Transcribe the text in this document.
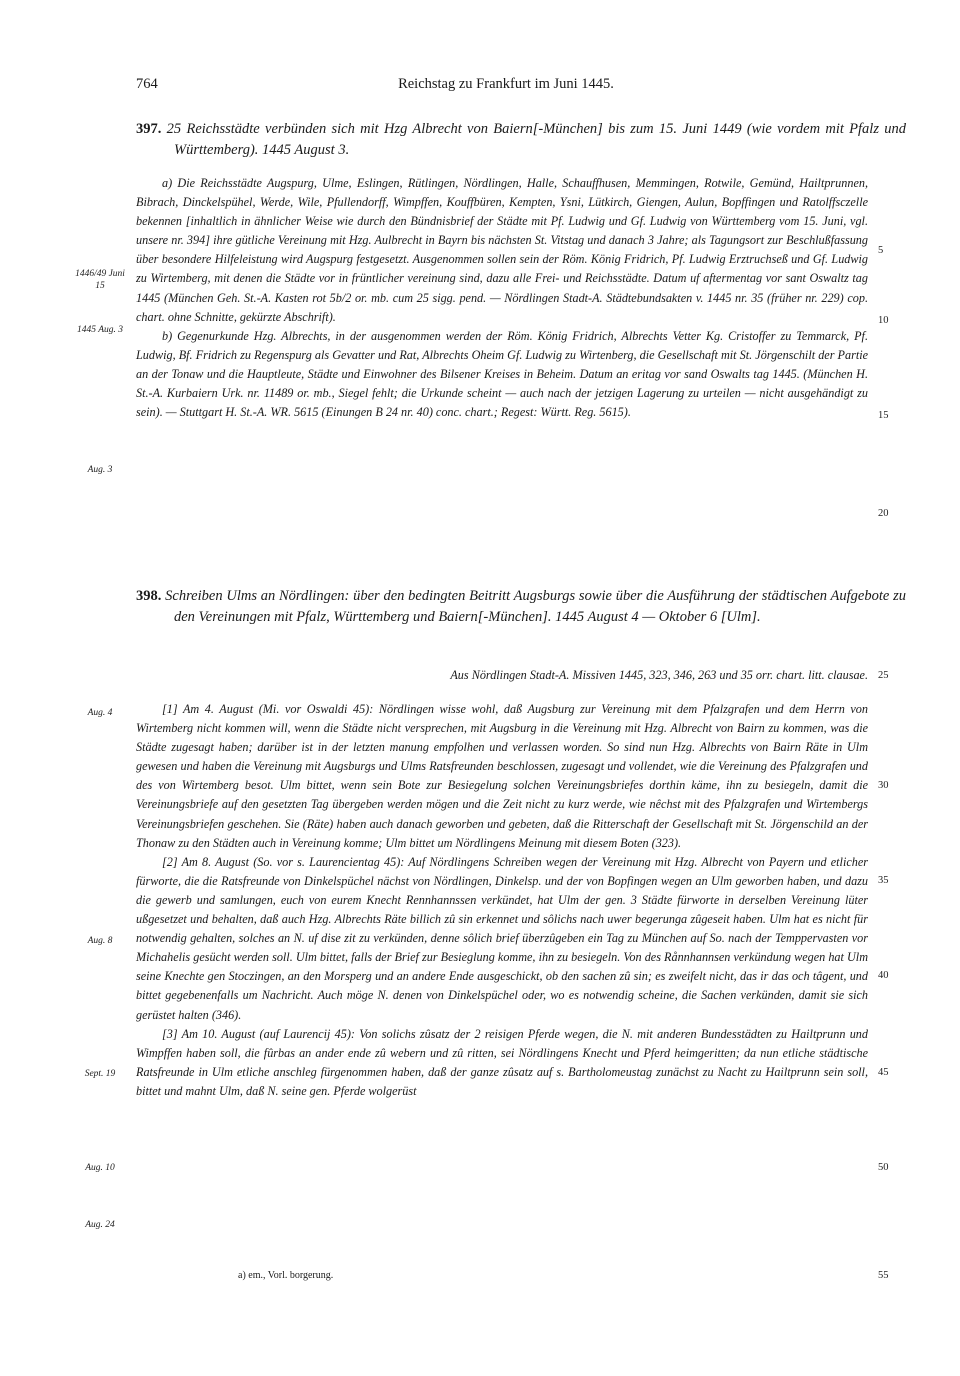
764	Reichstag zu Frankfurt im Juni 1445.
397. 25 Reichsstädte verbünden sich mit Hzg Albrecht von Baiern[-München] bis zum 15. Juni 1449 (wie vordem mit Pfalz und Württemberg). 1445 August 3.

a) Die Reichsstädte Augspurg, Ulme, Eslingen, Rütlingen, Nördlingen, Halle, Schauffhusen, Memmingen, Rotwile, Gemünd, Hailtprunnen, Bibrach, Dinckelspühel, Werde, Wile, Pfullendorff, Wimpffen, Kouffbüren, Kempten, Ysni, Lütkirch, Giengen, Aulun, Bopffingen und Ratolffsczelle bekennen [inhaltlich in ähnlicher Weise wie durch den Bündnisbrief der Städte mit Pf. Ludwig und Gf. Ludwig von Württemberg vom 15. Juni, vgl. unsere nr. 394] ihre gütliche Vereinung mit Hzg. Aulbrecht in Bayrn bis nächsten St. Vitstag und danach 3 Jahre; als Tagungsort zur Beschlußfassung über besondere Hilfeleistung wird Augspurg festgesetzt. Ausgenommen sollen sein der Röm. König Fridrich, Pf. Ludwig Erztruchseß und Gf. Ludwig zu Wirtemberg, mit denen die Städte vor in früntlicher vereinung sind, dazu alle Frei- und Reichsstädte. Datum uf aftermentag vor sant Oswaltz tag 1445 (München Geh. St.-A. Kasten rot 5b/2 or. mb. cum 25 sigg. pend. — Nördlingen Stadt-A. Städtebundsakten v. 1445 nr. 35 (früher nr. 229) cop. chart. ohne Schnitte, gekürzte Abschrift).

b) Gegenurkunde Hzg. Albrechts, in der ausgenommen werden der Röm. König Fridrich, Albrechts Vetter Kg. Cristoffer zu Temmarck, Pf. Ludwig, Bf. Fridrich zu Regenspurg als Gevatter und Rat, Albrechts Oheim Gf. Ludwig zu Wirtenberg, die Gesellschaft mit St. Jörgenschilt der Partie an der Tonaw und die Hauptleute, Städte und Einwohner des Bilsener Kreises in Beheim. Datum an eritag vor sand Oswalts tag 1445. (München H. St.-A. Kurbaiern Urk. nr. 11489 or. mb., Siegel fehlt; die Urkunde scheint — auch nach der jetzigen Lagerung zu urteilen — nicht ausgehändigt zu sein). — Stuttgart H. St.-A. WR. 5615 (Einungen B 24 nr. 40) conc. chart.; Regest: Württ. Reg. 5615).

398. Schreiben Ulms an Nördlingen: über den bedingten Beitritt Augsburgs sowie über die Ausführung der städtischen Aufgebote zu den Vereinungen mit Pfalz, Württemberg und Baiern[-München]. 1445 August 4 — Oktober 6 [Ulm].
Aus Nördlingen Stadt-A. Missiven 1445, 323, 346, 263 und 35 orr. chart. litt. clausae.

[1] Am 4. August (Mi. vor Oswaldi 45): Nördlingen wisse wohl, daß Augsburg zur Vereinung mit dem Pfalzgrafen und dem Herrn von Wirtemberg nicht kommen will, wenn die Städte nicht versprechen, mit Augsburg in die Vereinung mit Hzg. Albrecht von Bairn zu kommen, was die Städte zugesagt haben; darüber ist in der letzten manung empfolhen und verlassen worden. So sind nun Hzg. Albrechts von Bairn Räte in Ulm gewesen und haben die Vereinung mit Augsburgs und Ulms Ratsfreunden beschlossen, zugesagt und vollendet, wie die Vereinung des Pfalzgrafen und des von Wirtemberg besot. Ulm bittet, wenn sein Bote zur Besiegelung solchen Vereinungsbriefes dorthin käme, ihn zu besiegeln, damit die Vereinungsbriefe auf den gesetzten Tag übergeben werden mögen und die Zeit nicht zu kurz werde, wie nêchst mit des Pfalzgrafen und Wirtembergs Vereinungsbriefen geschehen. Sie (Räte) haben auch danach geworben und gebeten, daß die Ritterschaft der Gesellschaft mit St. Jörgenschild an der Thonaw zu den Städten auch in Vereinung komme; Ulm bittet um Nördlingens Meinung mit diesem Boten (323).

[2] Am 8. August (So. vor s. Laurencientag 45): Auf Nördlingens Schreiben wegen der Vereinung mit Hzg. Albrecht von Payern und etlicher fürworte, die die Ratsfreunde von Dinkelspüchel nächst von Nördlingen, Dinkelsp. und der von Bopfingen wegen an Ulm geworben haben, und dazu die gewerb und samlungen, euch von eurem Knecht Rennhannssen verkündet, hat Ulm der gen. 3 Städte fürworte in derselben Vereinung lüter ußgesetzet und behalten, daß auch Hzg. Albrechts Räte billich zû sin erkennet und sôlichs nach uwer begerunga zûgeseit haben. Ulm hat es nicht für notwendig gehalten, solches an N. uf dise zit zu verkünden, denne sôlich brief überzûgeben ein Tag zu München auf So. nach der Temppervasten vor Michahelis gesücht werden soll. Ulm bittet, falls der Brief zur Besieglung komme, ihn zu besiegeln. Von des Rånnhannsen verkündung wegen hat Ulm seine Knechte gen Stoczingen, an den Morsperg und an andere Ende ausgeschickt, ob den sachen zû sin; es zweifelt nicht, das ir das och tâgent, und bittet gegebenenfalls um Nachricht. Auch möge N. denen von Dinkelspüchel oder, wo es notwendig scheine, die Sachen verkünden, damit sie sich gerüstet halten (346).

[3] Am 10. August (auf Laurencij 45): Von solichs zûsatz der 2 reisigen Pferde wegen, die N. mit anderen Bundesstädten zu Hailtprunn und Wimpffen haben soll, die fûrbas an ander ende zû webern und zû ritten, sei Nördlingens Knecht und Pferd heimgeritten; da nun etliche städtische Ratsfreunde in Ulm etliche anschleg fürgenommen haben, daß der ganze zûsatz auf s. Bartholomeustag zunächst zu Nacht zu Hailtprunn sein soll, bittet und mahnt Ulm, daß N. seine gen. Pferde wolgerüst

1446/49 Juni 15
1445 Aug. 3
Aug. 3
Aug. 4
Aug. 8
Sept. 19
Aug. 10
Aug. 24
5
10
15
20
25
30
35
40
45
50
55
a) em., Vorl. borgerung.
